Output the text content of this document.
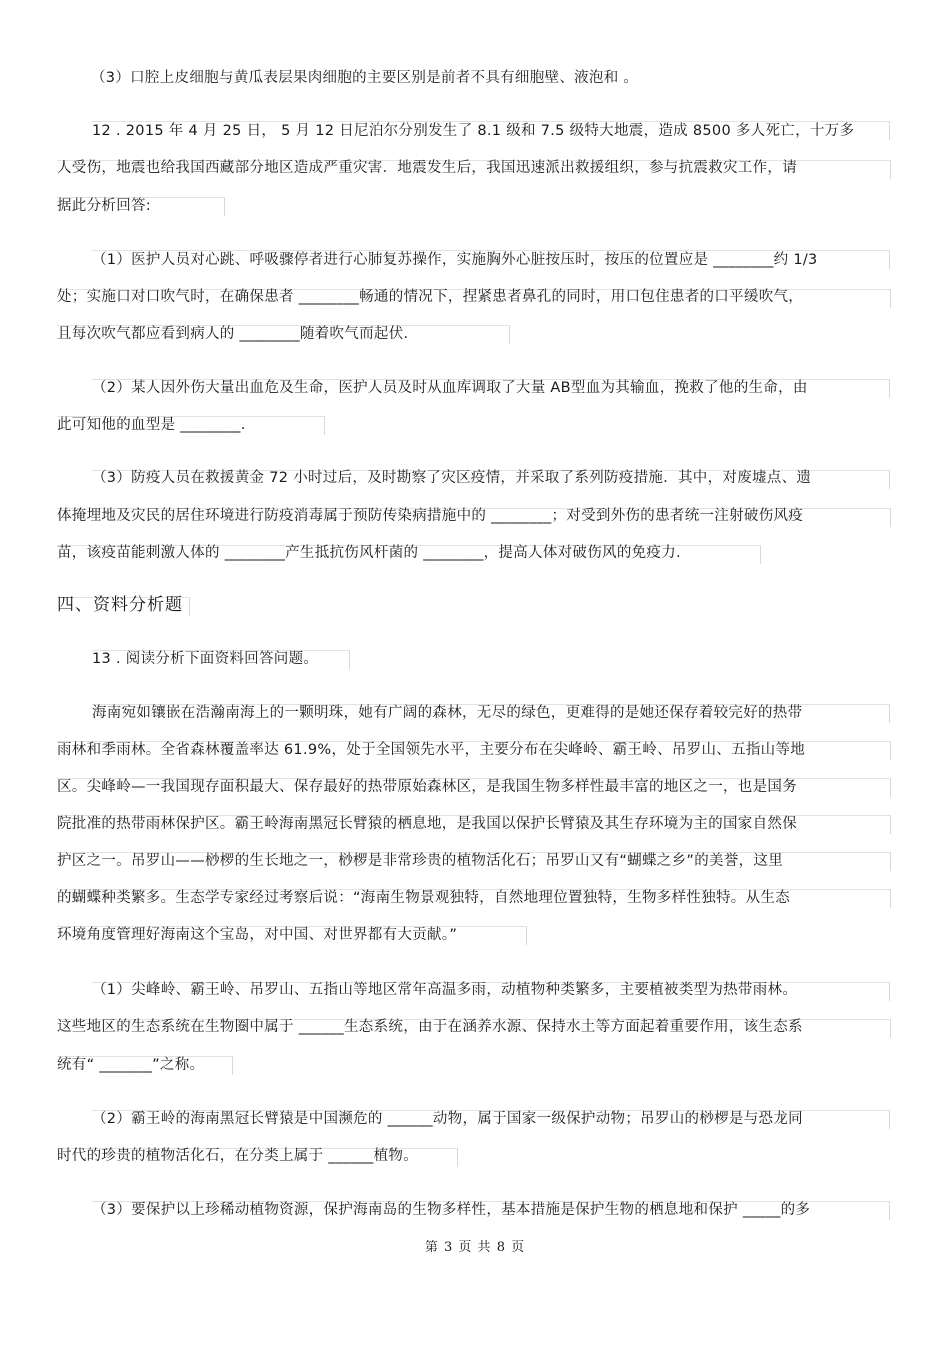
（3）口腔上皮细胞与黄瓜表层果肉细胞的主要区别是前者不具有细胞壁、液泡和 。
12 . 2015 年 4 月 25 日， 5 月 12 日尼泊尔分别发生了 8.1 级和 7.5 级特大地震，造成 8500 多人死亡，十万多
人受伤，地震也给我国西藏部分地区造成严重灾害．地震发生后，我国迅速派出救援组织，参与抗震救灾工作，请
据此分析回答:
（1）医护人员对心跳、呼吸骤停者进行心肺复苏操作，实施胸外心脏按压时，按压的位置应是 ________约 1/3
处；实施口对口吹气时，在确保患者 ________畅通的情况下，捏紧患者鼻孔的同时，用口包住患者的口平缓吹气，
且每次吹气都应看到病人的 ________随着吹气而起伏.
（2）某人因外伤大量出血危及生命，医护人员及时从血库调取了大量 AB型血为其输血，挽救了他的生命，由
此可知他的血型是 ________.
（3）防疫人员在救援黄金 72 小时过后，及时勘察了灾区疫情，并采取了系列防疫措施．其中，对废墟点、遗
体掩埋地及灾民的居住环境进行防疫消毒属于预防传染病措施中的 ________；对受到外伤的患者统一注射破伤风疫
苗，该疫苗能刺激人体的 ________产生抵抗伤风杆菌的 ________，提高人体对破伤风的免疫力.
四、资料分析题
13 . 阅读分析下面资料回答问题。
海南宛如镶嵌在浩瀚南海上的一颗明珠，她有广阔的森林，无尽的绿色，更难得的是她还保存着较完好的热带
雨林和季雨林。全省森林覆盖率达 61.9%，处于全国领先水平，主要分布在尖峰岭、霸王岭、吊罗山、五指山等地
区。尖峰岭—一我国现存面积最大、保存最好的热带原始森林区，是我国生物多样性最丰富的地区之一，也是国务
院批准的热带雨林保护区。霸王岭海南黑冠长臂猿的栖息地，是我国以保护长臂猿及其生存环境为主的国家自然保
护区之一。吊罗山——桫椤的生长地之一，桫椤是非常珍贵的植物活化石；吊罗山又有“蝴蝶之乡”的美誉，这里
的蝴蝶种类繁多。生态学专家经过考察后说：“海南生物景观独特，自然地理位置独特，生物多样性独特。从生态
环境角度管理好海南这个宝岛，对中国、对世界都有大贡献。”
（1）尖峰岭、霸王岭、吊罗山、五指山等地区常年高温多雨，动植物种类繁多，主要植被类型为热带雨林。
这些地区的生态系统在生物圈中属于 ______生态系统，由于在涵养水源、保持水土等方面起着重要作用，该生态系
统有“ _______”之称。
（2）霸王岭的海南黑冠长臂猿是中国濒危的 ______动物，属于国家一级保护动物；吊罗山的桫椤是与恐龙同
时代的珍贵的植物活化石，在分类上属于 ______植物。
（3）要保护以上珍稀动植物资源，保护海南岛的生物多样性，基本措施是保护生物的栖息地和保护 _____的多
第 3 页 共 8 页
